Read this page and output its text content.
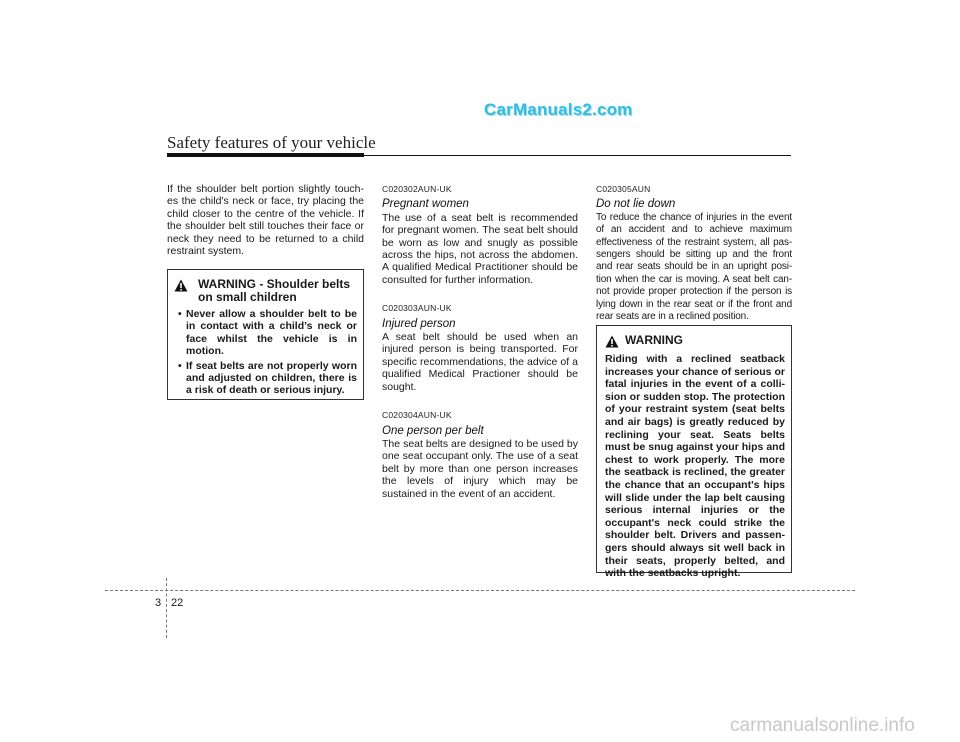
CarManuals2.com
Safety features of your vehicle

If the shoulder belt portion slightly touch-es the child’s neck or face, try placing the child closer to the centre of the vehicle. If the shoulder belt still touches their face or neck they need to be returned to a child restraint system.

WARNING - Shoulder belts on small children
• Never allow a shoulder belt to be in contact with a child’s neck or face whilst the vehicle is in motion.
• If seat belts are not properly worn and adjusted on children, there is a risk of death or serious injury.
C020302AUN-UK
Pregnant women

The use of a seat belt is recommended for pregnant women. The seat belt should be worn as low and snugly as possible across the hips, not across the abdomen. A qualified Medical Practitioner should be consulted for further information.

C020303AUN-UK
Injured person

A seat belt should be used when an injured person is being transported. For specific recommendations, the advice of a qualified Medical Practioner should be sought.

C020304AUN-UK
One person per belt

The seat belts are designed to be used by one seat occupant only. The use of a seat belt by more than one person increases the levels of injury which may be sustained in the event of an accident.

C020305AUN
Do not lie down

To reduce the chance of injuries in the event of an accident and to achieve maximum effectiveness of the restraint system, all pas-sengers should be sitting up and the front and rear seats should be in an upright posi-tion when the car is moving. A seat belt can-not provide proper protection if the person is lying down in the rear seat or if the front and rear seats are in a reclined position.

WARNING
Riding with a reclined seatback increases your chance of serious or fatal injuries in the event of a colli-sion or sudden stop. The protection of your restraint system (seat belts and air bags) is greatly reduced by reclining your seat. Seats belts must be snug against your hips and chest to work properly. The more the seatback is reclined, the greater the chance that an occupant's hips will slide under the lap belt causing serious internal injuries or the occupant's neck could strike the shoulder belt. Drivers and passen-gers should always sit well back in their seats, properly belted, and with the seatbacks upright.
3 22
carmanualsonline.info
